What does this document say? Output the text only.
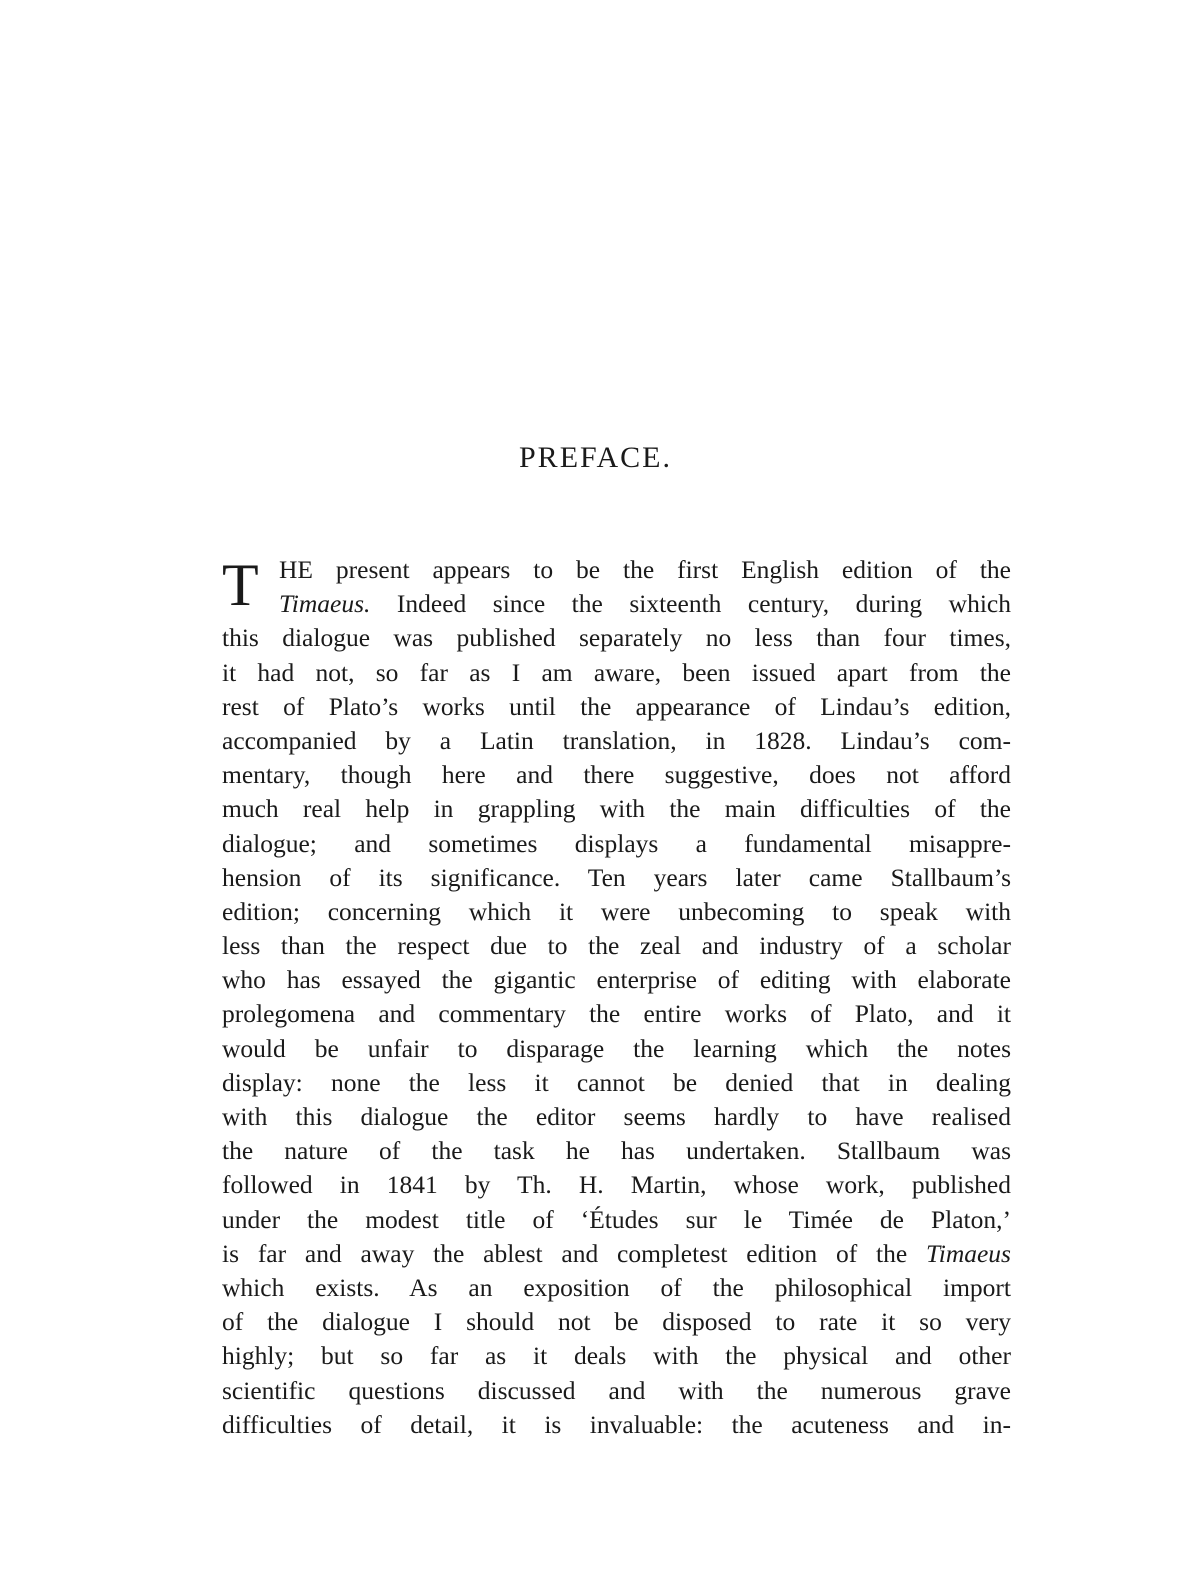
PREFACE.
T HE present appears to be the first English edition of the
Timaeus. Indeed since the sixteenth century, during which
this dialogue was published separately no less than four times,
it had not, so far as I am aware, been issued apart from the
rest of Plato’s works until the appearance of Lindau’s edition,
accompanied by a Latin translation, in 1828. Lindau’s com-
mentary, though here and there suggestive, does not afford
much real help in grappling with the main difficulties of the
dialogue; and sometimes displays a fundamental misappre-
hension of its significance. Ten years later came Stallbaum’s
edition; concerning which it were unbecoming to speak with
less than the respect due to the zeal and industry of a scholar
who has essayed the gigantic enterprise of editing with elaborate
prolegomena and commentary the entire works of Plato, and it
would be unfair to disparage the learning which the notes
display: none the less it cannot be denied that in dealing
with this dialogue the editor seems hardly to have realised
the nature of the task he has undertaken. Stallbaum was
followed in 1841 by Th. H. Martin, whose work, published
under the modest title of ‘Études sur le Timée de Platon,’
is far and away the ablest and completest edition of the Timaeus
which exists. As an exposition of the philosophical import
of the dialogue I should not be disposed to rate it so very
highly; but so far as it deals with the physical and other
scientific questions discussed and with the numerous grave
difficulties of detail, it is invaluable: the acuteness and in-
